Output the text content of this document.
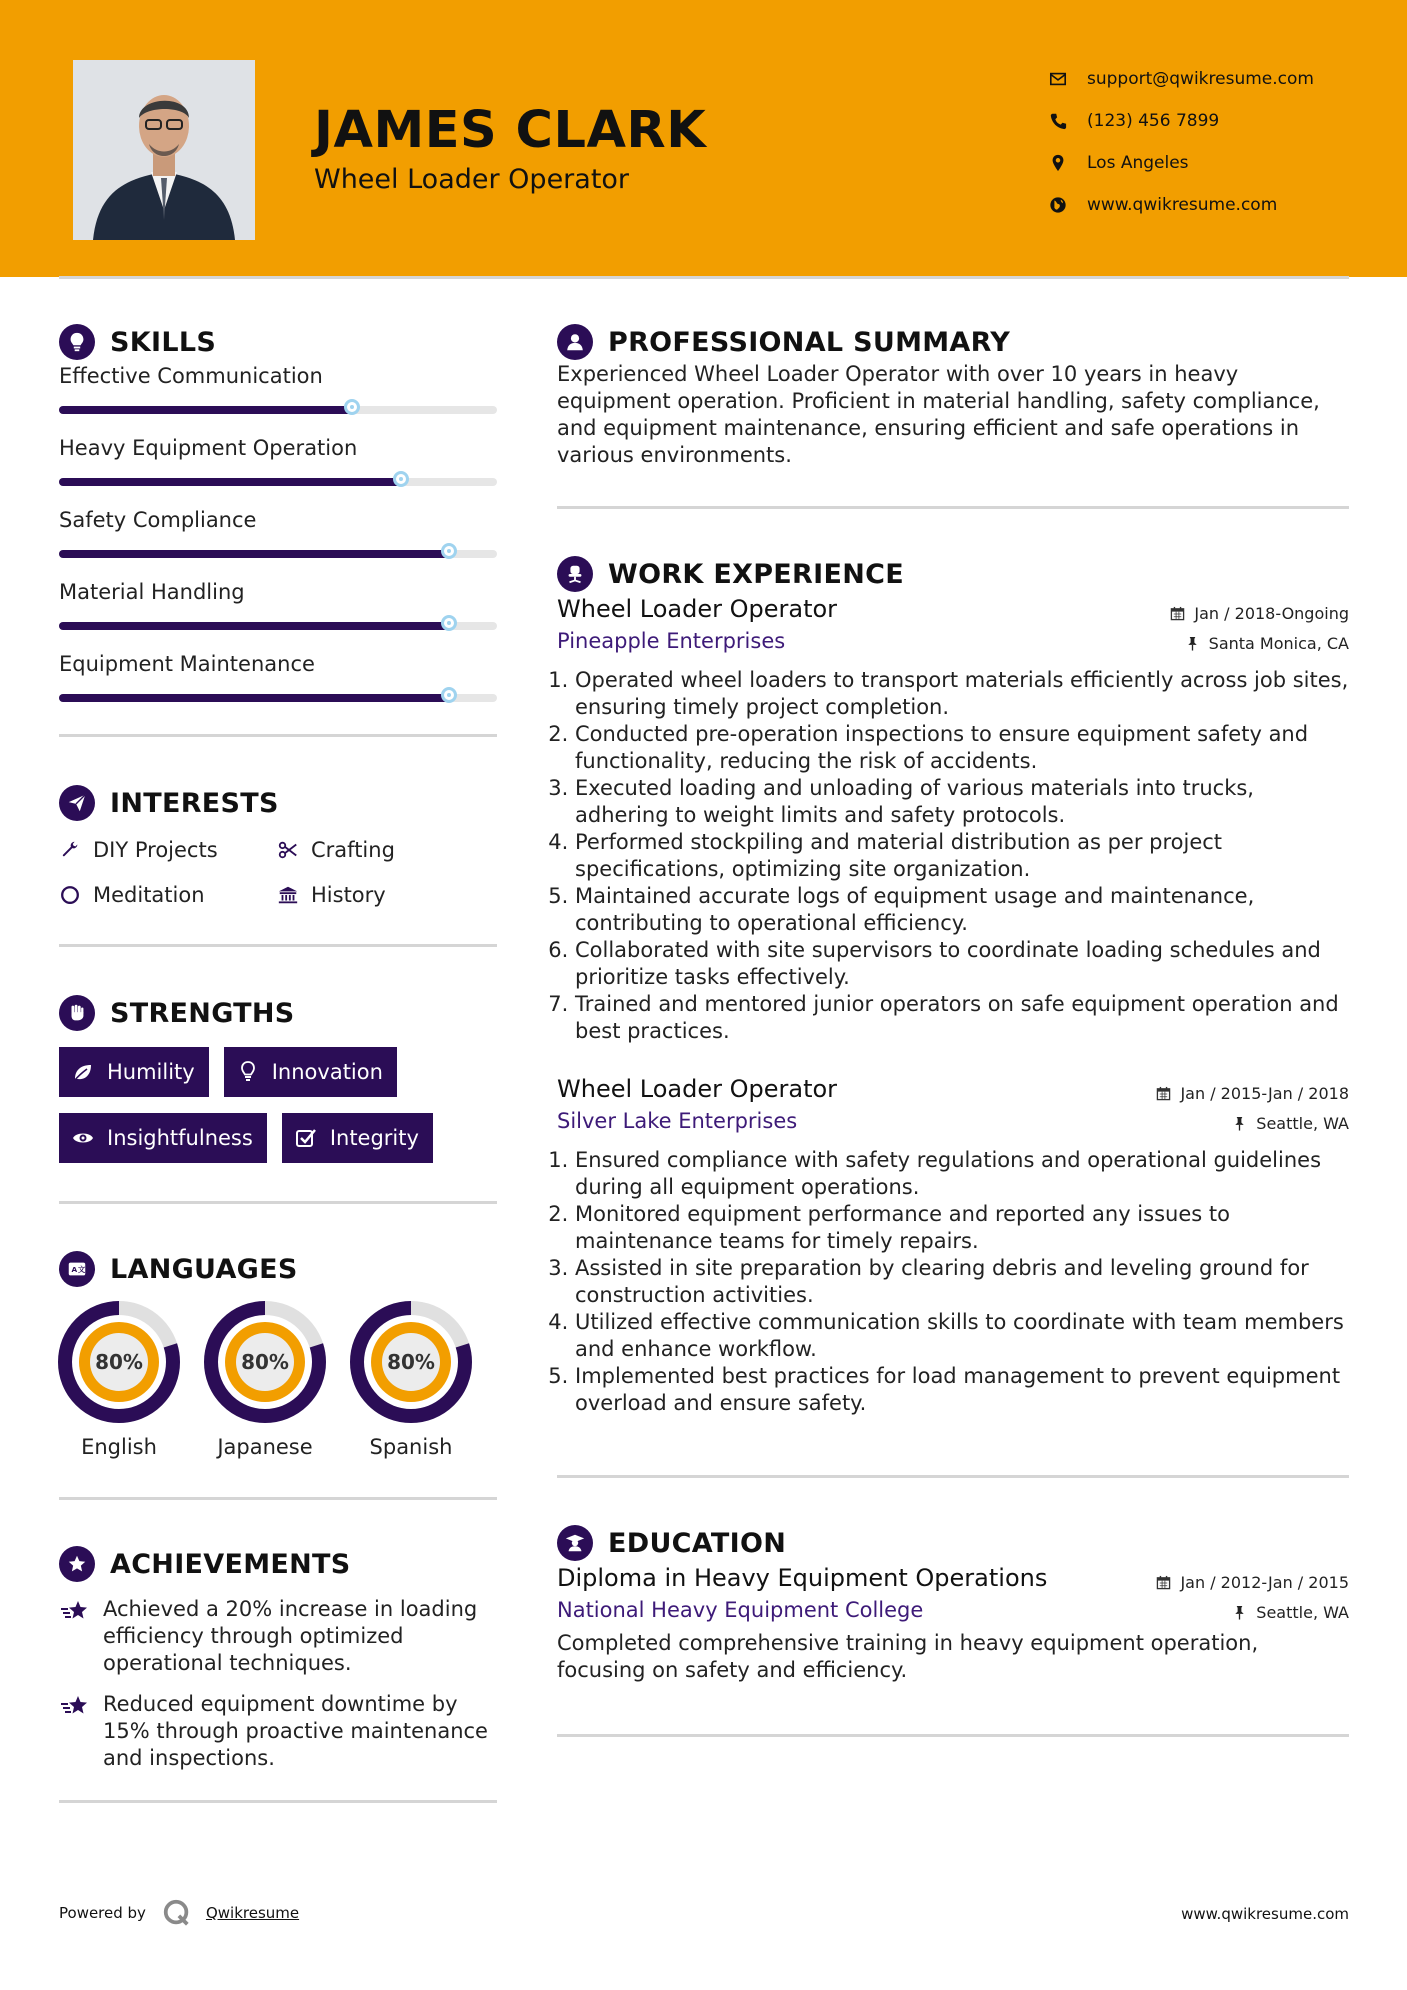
JAMES CLARK
Wheel Loader Operator
support@qwikresume.com
(123) 456 7899
Los Angeles
www.qwikresume.com
SKILLS
Effective Communication
Heavy Equipment Operation
Safety Compliance
Material Handling
Equipment Maintenance
INTERESTS
DIY Projects	Crafting
Meditation	History
STRENGTHS
Humility	Innovation
Insightfulness	Integrity
A 文 LANGUAGES
80%
English
80%
Japanese
80%
Spanish
ACHIEVEMENTS
Achieved a 20% increase in loading efficiency through optimized operational techniques.
Reduced equipment downtime by 15% through proactive maintenance and inspections.
PROFESSIONAL SUMMARY
Experienced Wheel Loader Operator with over 10 years in heavy equipment operation. Proficient in material handling, safety compliance, and equipment maintenance, ensuring efficient and safe operations in various environments.
WORK EXPERIENCE
Wheel Loader Operator	Jan / 2018-Ongoing
Pineapple Enterprises	Santa Monica, CA
1. Operated wheel loaders to transport materials efficiently across job sites, ensuring timely project completion.
2. Conducted pre-operation inspections to ensure equipment safety and functionality, reducing the risk of accidents.
3. Executed loading and unloading of various materials into trucks, adhering to weight limits and safety protocols.
4. Performed stockpiling and material distribution as per project specifications, optimizing site organization.
5. Maintained accurate logs of equipment usage and maintenance, contributing to operational efficiency.
6. Collaborated with site supervisors to coordinate loading schedules and prioritize tasks effectively.
7. Trained and mentored junior operators on safe equipment operation and best practices.
Wheel Loader Operator	Jan / 2015-Jan / 2018
Silver Lake Enterprises	Seattle, WA
1. Ensured compliance with safety regulations and operational guidelines during all equipment operations.
2. Monitored equipment performance and reported any issues to maintenance teams for timely repairs.
3. Assisted in site preparation by clearing debris and leveling ground for construction activities.
4. Utilized effective communication skills to coordinate with team members and enhance workflow.
5. Implemented best practices for load management to prevent equipment overload and ensure safety.
EDUCATION
Diploma in Heavy Equipment Operations	Jan / 2012-Jan / 2015
National Heavy Equipment College	Seattle, WA
Completed comprehensive training in heavy equipment operation, focusing on safety and efficiency.
Powered by	Qwikresume	www.qwikresume.com
